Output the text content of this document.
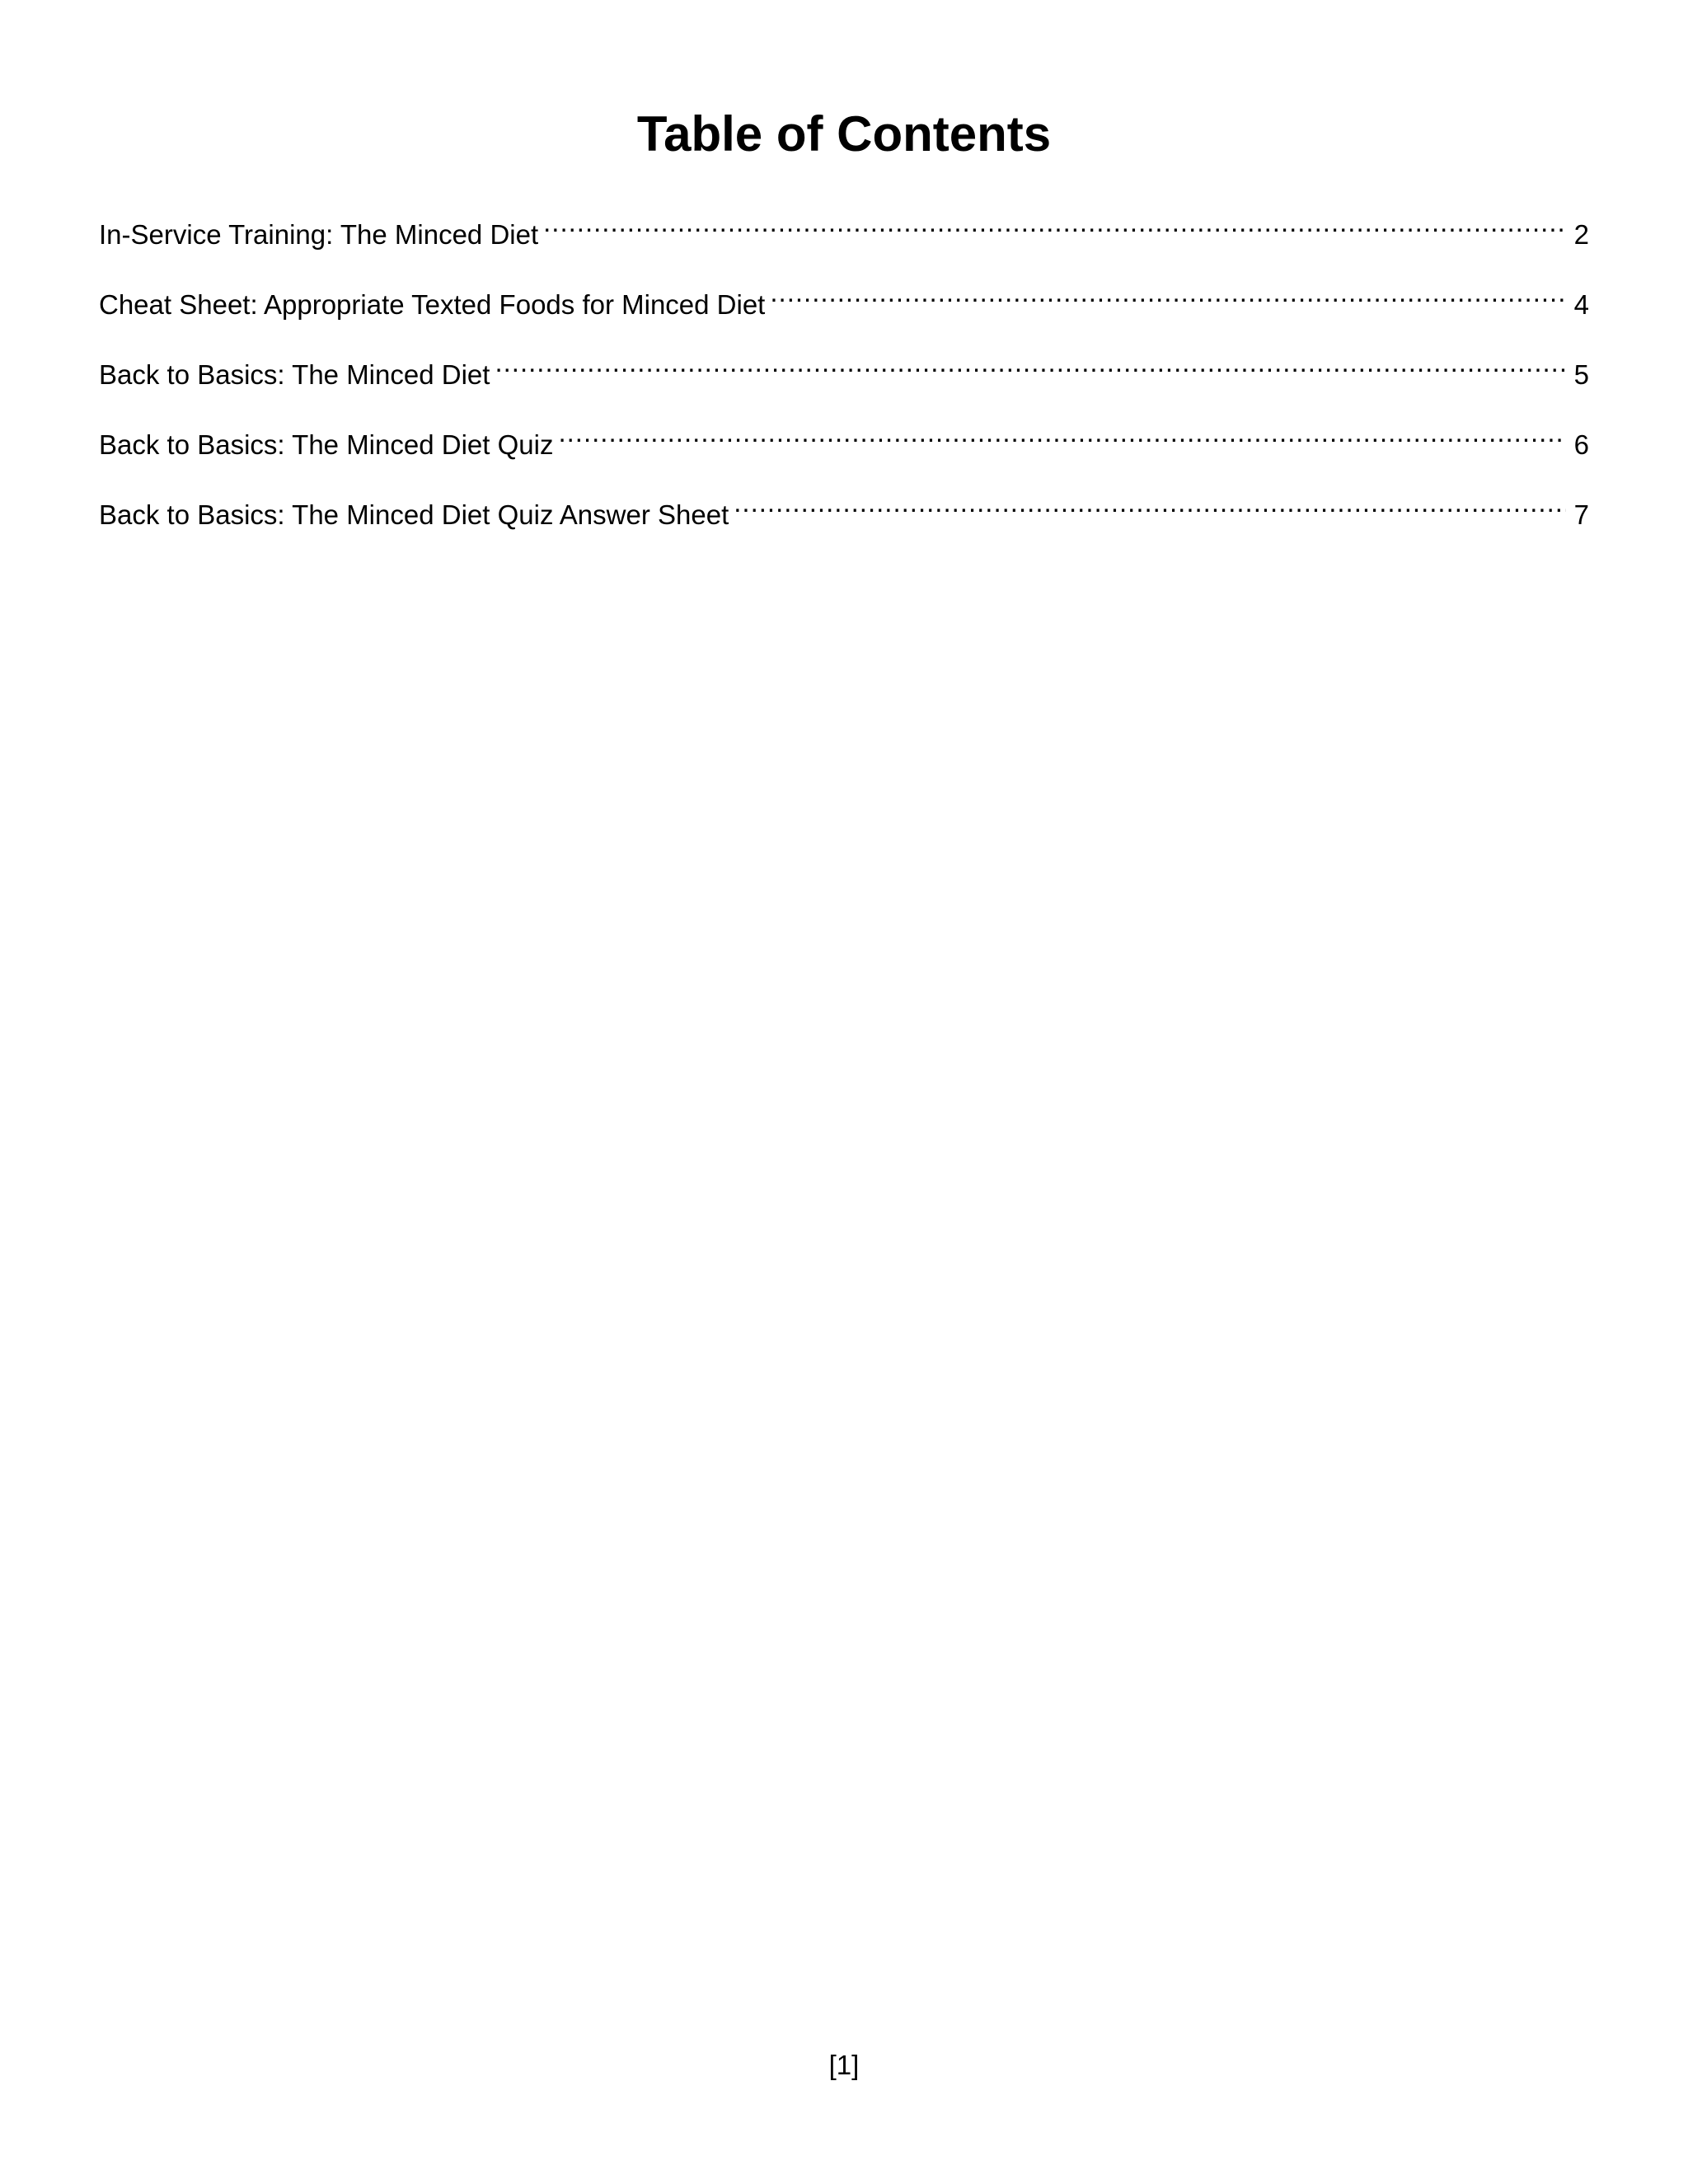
Table of Contents
In-Service Training: The Minced Diet .....	2
Cheat Sheet: Appropriate Texted Foods for Minced Diet .....	4
Back to Basics: The Minced Diet .....	5
Back to Basics: The Minced Diet Quiz .....	6
Back to Basics: The Minced Diet Quiz Answer Sheet .....	7
[1]
